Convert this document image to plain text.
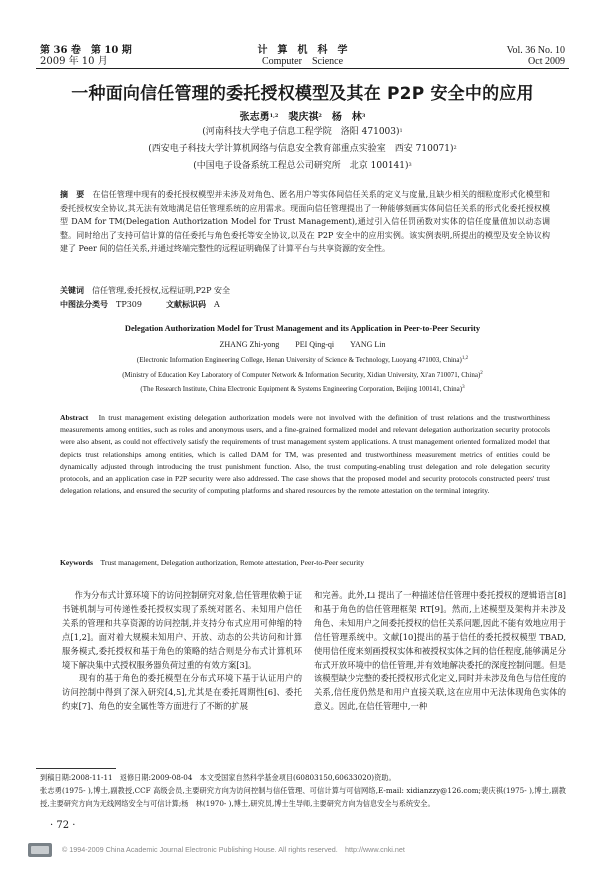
第 36 卷　第 10 期
2009 年 10 月
计　算　机　科　学
Computer　Science
Vol. 36 No. 10
Oct 2009
一种面向信任管理的委托授权模型及其在 P2P 安全中的应用
张志勇$^{1,2}$　裴庆祺$^2$　杨　林$^3$
(河南科技大学电子信息工程学院　洛阳 471003)$^1$
(西安电子科技大学计算机网络与信息安全教育部重点实验室　西安 710071)$^2$
(中国电子设备系统工程总公司研究所　北京 100141)$^3$
摘　要　 在信任管理中现有的委托授权模型并未涉及对角色、匿名用户等实体间信任关系的定义与度量,且缺少相关的细粒度形式化模型和委托授权安全协议,其无法有效地满足信任管理系统的应用需求。现面向信任管理提出了一种能够刻画实体间信任关系的形式化委托授权模型 DAM for TM(Delegation Authorization Model for Trust Management),通过引入信任罚函数对实体的信任度量值加以动态调整。同时给出了支持可信计算的信任委托与角色委托等安全协议,以及在 P2P 安全中的应用实例。该实例表明,所提出的模型及安全协议构建了 Peer 间的信任关系,并通过终端完整性的远程证明确保了计算平台与共享资源的安全性。
关键词　 信任管理,委托授权,远程证明,P2P 安全
中图法分类号　 TP309　　　	文献标识码　 A
Delegation Authorization Model for Trust Management and its Application in Peer-to-Peer Security
ZHANG Zhi-yong　　PEI Qing-qi　　YANG Lin
(Electronic Information Engineering College, Henan University of Science & Technology, Luoyang 471003, China)$^{1,2}$
(Ministry of Education Key Laboratory of Computer Network & Information Security, Xidian University, Xi'an 710071, China)$^2$
(The Research Institute, China Electronic Equipment & Systems Engineering Corporation, Beijing 100141, China)$^3$
Abstract　 In trust management existing delegation authorization models were not involved with the definition of trust relations and the trustworthiness measurements among entities, such as roles and anonymous users, and a fine-grained formalized model and relevant delegation authorization security protocols were also absent, as could not effectively satisfy the requirements of trust management system applications. A trust management oriented formalized model that depicts trust relationships among entities, which is called DAM for TM, was presented and trustworthiness measurement metrics of entities could be dynamically adjusted through introducing the trust punishment function. Also, the trust computing-enabling trust delegation and role delegation security protocols, and an application case in P2P security were also addressed. The case shows that the proposed model and security protocols constructed peers' trust delegation relations, and ensured the security of computing platforms and shared resources by the remote attestation on the terminal integrity.
Keywords　 Trust management, Delegation authorization, Remote attestation, Peer-to-Peer security
作为分布式计算环境下的访问控制研究对象,信任管理依赖于证书链机制与可传递性委托授权实现了系统对匿名、未知用户信任关系的管理和共享资源的访问控制,并支持分布式应用可伸缩的特点[1,2]。面对着大规模未知用户、开放、动态的公共访问和计算服务模式,委托授权和基于角色的策略的结合则是分布式计算机环境下解决集中式授权服务器负荷过重的有效方案[3]。
　　现有的基于角色的委托模型在分布式环境下基于认证用户的访问控制中得到了深入研究[4,5],尤其是在委托周期性[6]、委托约束[7]、角色的安全属性等方面进行了不断的扩展
和完善。此外,Li 提出了一种描述信任管理中委托授权的逻辑语言[8]和基于角色的信任管理框架 RT[9]。然而,上述模型及架构并未涉及角色、未知用户之间委托授权的信任关系问题,因此不能有效地应用于信任管理系统中。文献[10]提出的基于信任的委托授权模型 TBAD,使用信任度来刻画授权实体和被授权实体之间的信任程度,能够满足分布式开放环境中的信任管理,并有效地解决委托的深度控制问题。但是该模型缺少完整的委托授权形式化定义,同时并未涉及角色与信任度的关系,信任度仍然是和用户直接关联,这在应用中无法体现角色实体的意义。因此,在信任管理中,一种
到稿日期:2008-11-11　返修日期:2009-08-04　本文受国家自然科学基金项目(60803150,60633020)资助。
张志勇(1975- ),博士,副教授,CCF 高级会员,主要研究方向为访问控制与信任管理、可信计算与可信网络,E-mail: xidianzzy@126.com;裴庆祺(1975- ),博士,副教授,主要研究方向为无线网络安全与可信计算;杨　林(1970- ),博士,研究员,博士生导师,主要研究方向为信息安全与系统安全。
· 72 ·
© 1994-2009 China Academic Journal Electronic Publishing House. All rights reserved.　http://www.cnki.net
